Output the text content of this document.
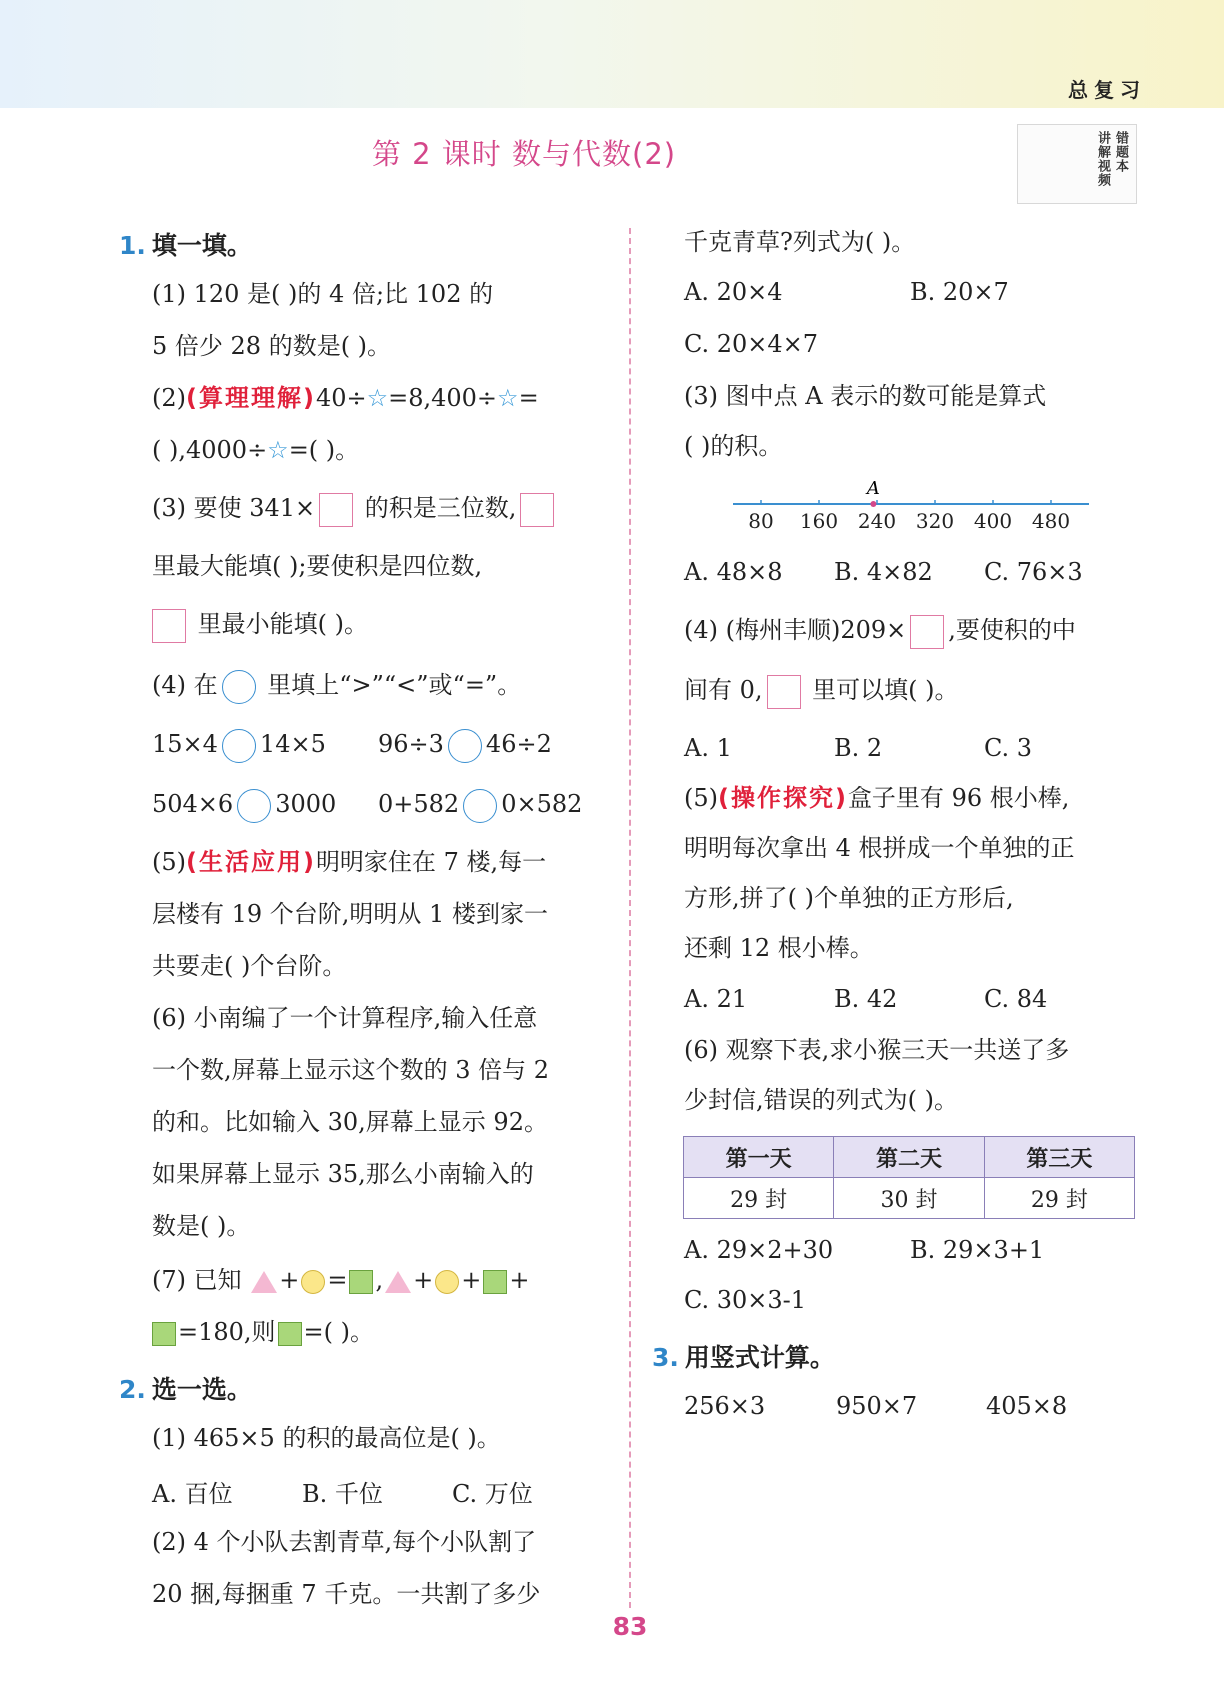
总复习
第 2 课时 数与代数(2)	错题本
讲解视频
1. 填一填。
(1) 120 是( )的 4 倍;比 102 的
5 倍少 28 的数是( )。
(2)(算理理解)40÷☆=8,400÷☆=
( ),4000÷☆=( )。
(3) 要使 341× 的积是三位数,
里最大能填( );要使积是四位数,
里最小能填( )。
(4) 在 里填上“>”“<”或“=”。
15×4 14×5 96÷3 46÷2
504×6 3000 0+582 0×582
(5)(生活应用)明明家住在 7 楼,每一
层楼有 19 个台阶,明明从 1 楼到家一
共要走( )个台阶。
(6) 小南编了一个计算程序,输入任意
一个数,屏幕上显示这个数的 3 倍与 2
的和。比如输入 30,屏幕上显示 92。
如果屏幕上显示 35,那么小南输入的
数是( )。
(7) 已知 + = , + + +
=180,则 =( )。
2. 选一选。
(1) 465×5 的积的最高位是( )。
A. 百位	B. 千位	C. 万位
(2) 4 个小队去割青草,每个小队割了
20 捆,每捆重 7 千克。一共割了多少
千克青草?列式为( )。
A. 20×4	B. 20×7
C. 20×4×7
(3) 图中点 A 表示的数可能是算式
( )的积。
80 160 240 320 400 480
A
A. 48×8 B. 4×82 C. 76×3
(4) (梅州丰顺)209× ,要使积的中
间有 0, 里可以填( )。
A. 1	B. 2	C. 3
(5)(操作探究)盒子里有 96 根小棒,
明明每次拿出 4 根拼成一个单独的正
方形,拼了( )个单独的正方形后,
还剩 12 根小棒。
A. 21	B. 42	C. 84
(6) 观察下表,求小猴三天一共送了多
少封信,错误的列式为( )。
第一天	第二天	第三天
29 封	30 封	29 封
A. 29×2+30	B. 29×3+1
C. 30×3-1
3. 用竖式计算。
256×3	950×7	405×8
83
